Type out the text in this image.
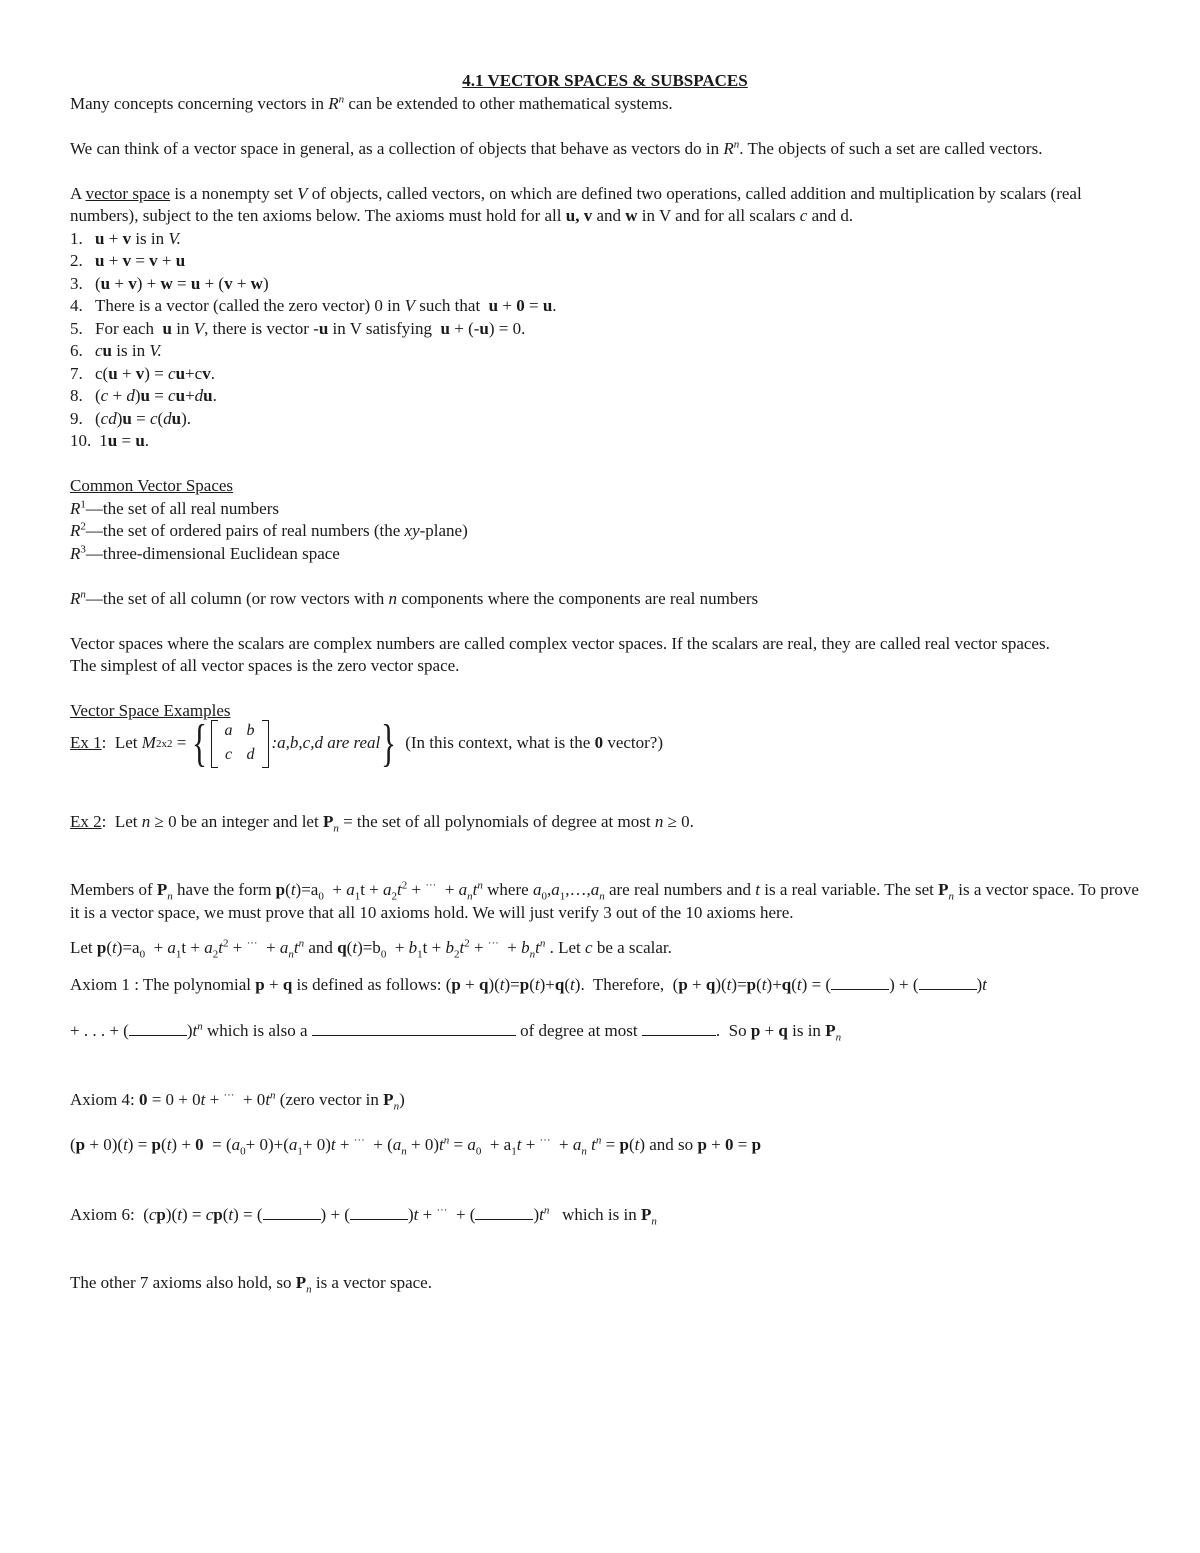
4.1 VECTOR SPACES & SUBSPACES

Many concepts concerning vectors in $R^n$ can be extended to other mathematical systems.

We can think of a vector space in general, as a collection of objects that behave as vectors do in $R^n$. The objects of such a set are called vectors.

A vector space is a nonempty set V of objects, called vectors, on which are defined two operations, called addition and multiplication by scalars (real numbers), subject to the ten axioms below. The axioms must hold for all u, v and w in V and for all scalars c and d.

1. u + v is in V.
2. u + v = v + u
3. (u + v) + w = u + (v + w)
4. There is a vector (called the zero vector) 0 in V such that  u + 0 = u.
5. For each  u in V, there is vector -u in V satisfying  u + (-u) = 0.
6. cu is in V.
7. c(u + v) = cu+cv.
8. (c + d)u = cu+du.
9. (cd)u = c(du).
10. 1u = u.

Common Vector Spaces

$R^1—the$ set of all real numbers

$R^2—the$ set of ordered pairs of real numbers (the xy-plane)

$R^3—three$-dimensional Euclidean space

$R^n—the$ set of all column (or row vectors with n components where the components are real numbers

Vector spaces where the scalars are complex numbers are called complex vector spaces. If the scalars are real, they are called real vector spaces.

The simplest of all vector spaces is the zero vector space.

Vector Space Examples

Ex 1 :  Let M 2x2 = {	a b
c d
:a,b,c,d are real } (In this context, what is the 0 vector?)

Ex 2:  Let n ≥ 0 be an integer and let $P_n$ = the set of all polynomials of degree at most n ≥ 0.

Members of $P_n$ have the form $p(t)=a_0 + a_1t + a_2t^2 + ^{\cdot\cdot\cdot} + a_nt^n$ where $a_0,a_1,\dots,a_n$ are real numbers and t is a real variable. The set $P_n$ is a vector space. To prove it is a vector space, we must prove that all 10 axioms hold. We will just verify 3 out of the 10 axioms here.

Let $p(t)=a_0 + a_1t + a_2t^2 + ^{\cdot\cdot\cdot} + a_nt^n$ and $q(t)=b_0 + b_1t + b_2t^2 + ^{\cdot\cdot\cdot} + b_nt^n$ . Let c be a scalar.

Axiom 1 : The polynomial p + q is defined as follows: (p + q)(t)=p(t)+q(t).  Therefore,  (p + q)(t)=p(t)+q(t) = (	) + (	)t

+ . . . + (	)$t^n$ which is also a	of degree at most	.  So p + q is in $P_n$

Axiom 4: $0 = 0 + 0t + ^{\cdot\cdot\cdot} + 0t^n$ (zero vector in $P_n$)

$(p + 0)(t) = p(t) + 0 = (a_0+ 0)+(a_1+ 0)t + ^{\cdot\cdot\cdot} + (a_n + 0)t^n = a_0 + a_1t + ^{\cdot\cdot\cdot} + a_n$ $t^n = p(t)$ and so p + 0 = p

Axiom 6:  (cp)(t) = cp(t) = (	) + (	)t + ···  + (	)$t^n$ which is in $P_n$

The other 7 axioms also hold, so $P_n$ is a vector space.
